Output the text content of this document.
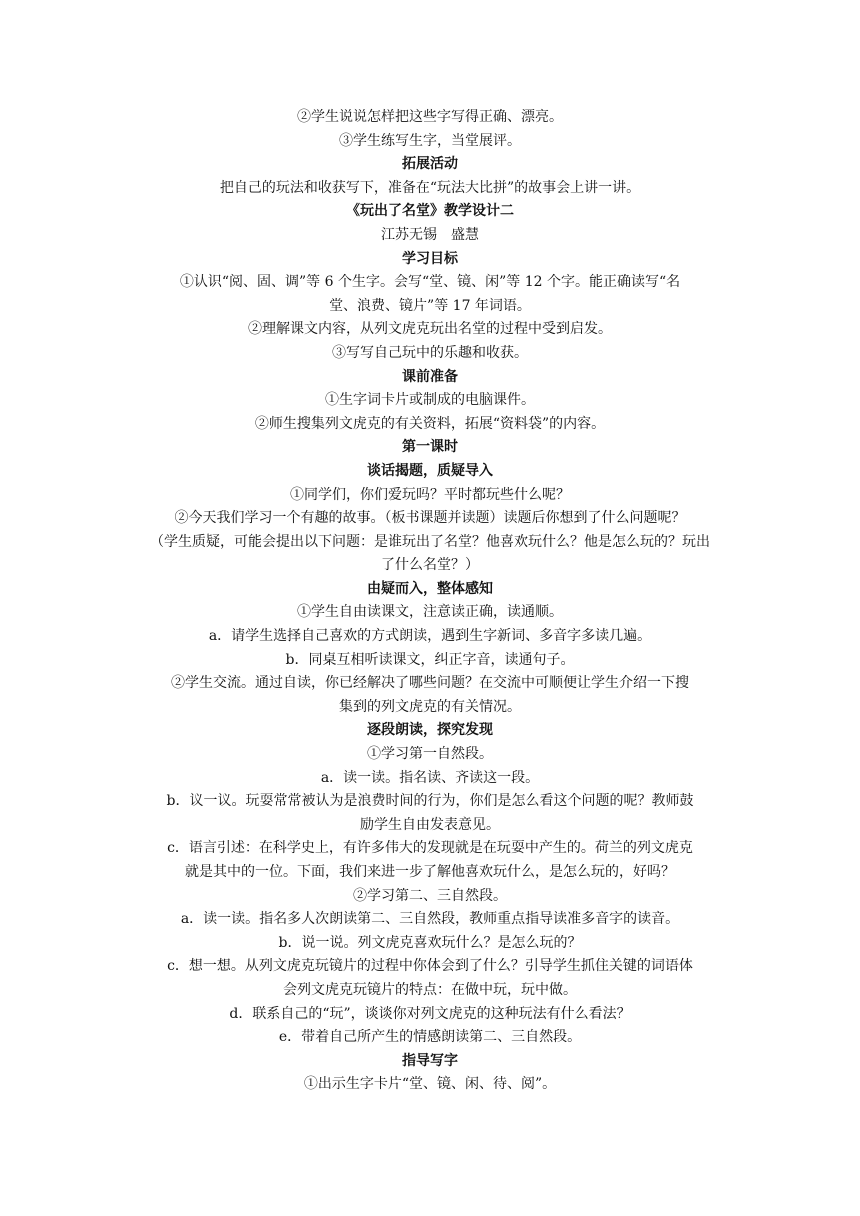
②学生说说怎样把这些字写得正确、漂亮。
③学生练写生字，当堂展评。
拓展活动
把自己的玩法和收获写下，准备在“玩法大比拼”的故事会上讲一讲。
《玩出了名堂》教学设计二
江苏无锡　盛慧
学习目标
①认识“阅、固、调”等 6 个生字。会写“堂、镜、闲”等 12 个字。能正确读写“名
堂、浪费、镜片”等 17 年词语。
②理解课文内容，从列文虎克玩出名堂的过程中受到启发。
③写写自己玩中的乐趣和收获。
课前准备
①生字词卡片或制成的电脑课件。
②师生搜集列文虎克的有关资料，拓展“资料袋”的内容。
第一课时
谈话揭题，质疑导入
①同学们，你们爱玩吗？平时都玩些什么呢？
②今天我们学习一个有趣的故事。（板书课题并读题）读题后你想到了什么问题呢？
（学生质疑，可能会提出以下问题：是谁玩出了名堂？他喜欢玩什么？他是怎么玩的？玩出
了什么名堂？）
由疑而入，整体感知
①学生自由读课文，注意读正确，读通顺。
a．请学生选择自己喜欢的方式朗读，遇到生字新词、多音字多读几遍。
b．同桌互相听读课文，纠正字音，读通句子。
②学生交流。通过自读，你已经解决了哪些问题？在交流中可顺便让学生介绍一下搜
集到的列文虎克的有关情况。
逐段朗读，探究发现
①学习第一自然段。
a．读一读。指名读、齐读这一段。
b．议一议。玩耍常常被认为是浪费时间的行为，你们是怎么看这个问题的呢？教师鼓
励学生自由发表意见。
c．语言引述：在科学史上，有许多伟大的发现就是在玩耍中产生的。荷兰的列文虎克
就是其中的一位。下面，我们来进一步了解他喜欢玩什么，是怎么玩的，好吗？
②学习第二、三自然段。
a．读一读。指名多人次朗读第二、三自然段，教师重点指导读准多音字的读音。
b．说一说。列文虎克喜欢玩什么？是怎么玩的？
c．想一想。从列文虎克玩镜片的过程中你体会到了什么？引导学生抓住关键的词语体
会列文虎克玩镜片的特点：在做中玩，玩中做。
d．联系自己的“玩”，谈谈你对列文虎克的这种玩法有什么看法？
e．带着自己所产生的情感朗读第二、三自然段。
指导写字
①出示生字卡片“堂、镜、闲、待、阅”。
